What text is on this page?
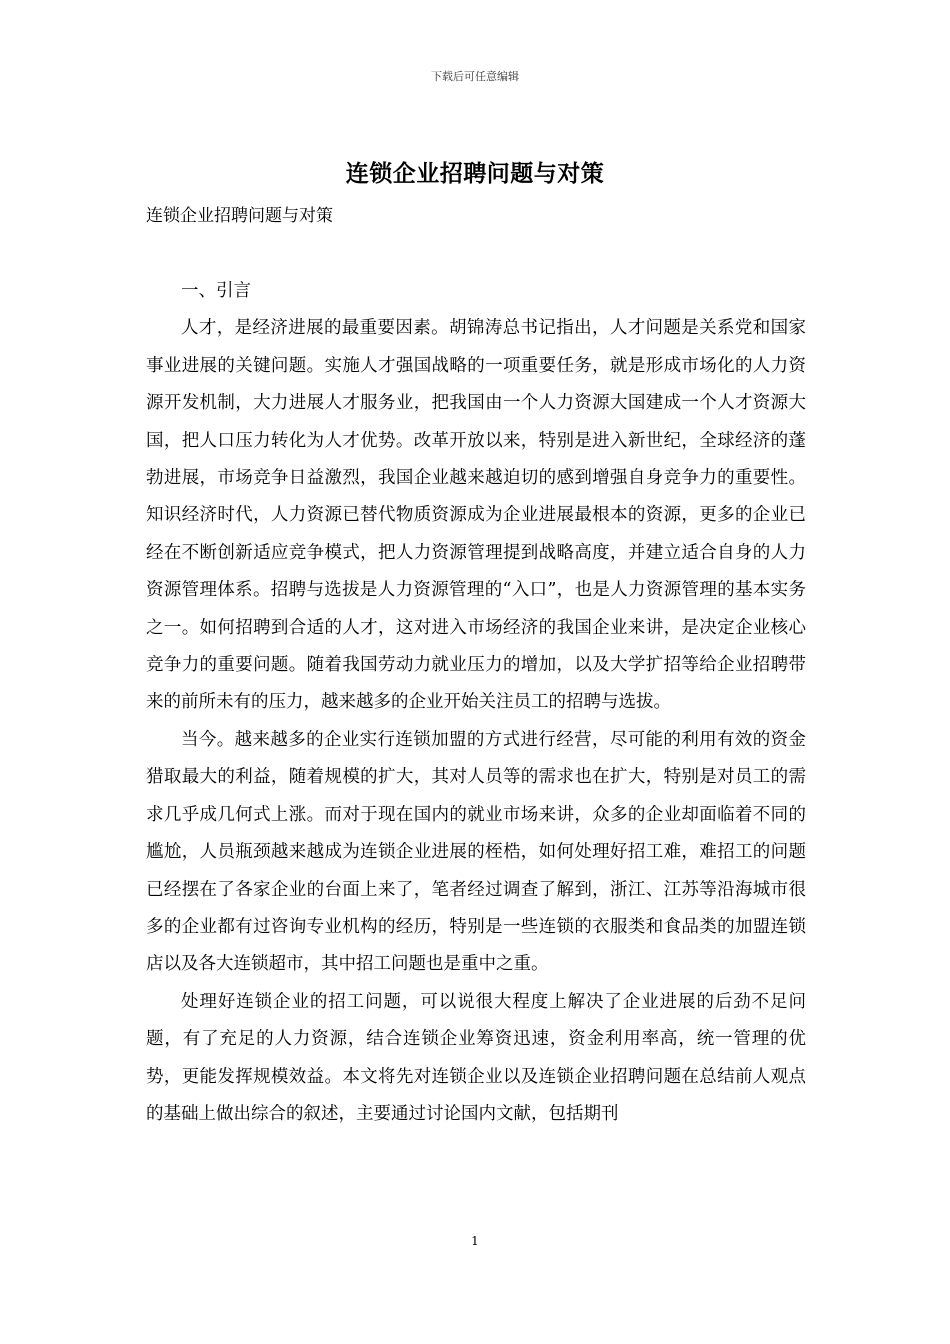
下载后可任意编辑
连锁企业招聘问题与对策
连锁企业招聘问题与对策

一、引言

人才，是经济进展的最重要因素。胡锦涛总书记指出，人才问题是关系党和国家事业进展的关键问题。实施人才强国战略的一项重要任务，就是形成市场化的人力资源开发机制，大力进展人才服务业，把我国由一个人力资源大国建成一个人才资源大国，把人口压力转化为人才优势。改革开放以来，特别是进入新世纪，全球经济的蓬勃进展，市场竞争日益激烈，我国企业越来越迫切的感到增强自身竞争力的重要性。知识经济时代，人力资源已替代物质资源成为企业进展最根本的资源，更多的企业已经在不断创新适应竞争模式，把人力资源管理提到战略高度，并建立适合自身的人力资源管理体系。招聘与选拔是人力资源管理的“入口”，也是人力资源管理的基本实务之一。如何招聘到合适的人才，这对进入市场经济的我国企业来讲，是决定企业核心竞争力的重要问题。随着我国劳动力就业压力的增加，以及大学扩招等给企业招聘带来的前所未有的压力，越来越多的企业开始关注员工的招聘与选拔。

当今。越来越多的企业实行连锁加盟的方式进行经营，尽可能的利用有效的资金猎取最大的利益，随着规模的扩大，其对人员等的需求也在扩大，特别是对员工的需求几乎成几何式上涨。而对于现在国内的就业市场来讲，众多的企业却面临着不同的尴尬，人员瓶颈越来越成为连锁企业进展的桎梏，如何处理好招工难，难招工的问题已经摆在了各家企业的台面上来了，笔者经过调查了解到，浙江、江苏等沿海城市很多的企业都有过咨询专业机构的经历，特别是一些连锁的衣服类和食品类的加盟连锁店以及各大连锁超市，其中招工问题也是重中之重。

处理好连锁企业的招工问题，可以说很大程度上解决了企业进展的后劲不足问题，有了充足的人力资源，结合连锁企业筹资迅速，资金利用率高，统一管理的优势，更能发挥规模效益。本文将先对连锁企业以及连锁企业招聘问题在总结前人观点的基础上做出综合的叙述，主要通过讨论国内文献，包括期刊

1
